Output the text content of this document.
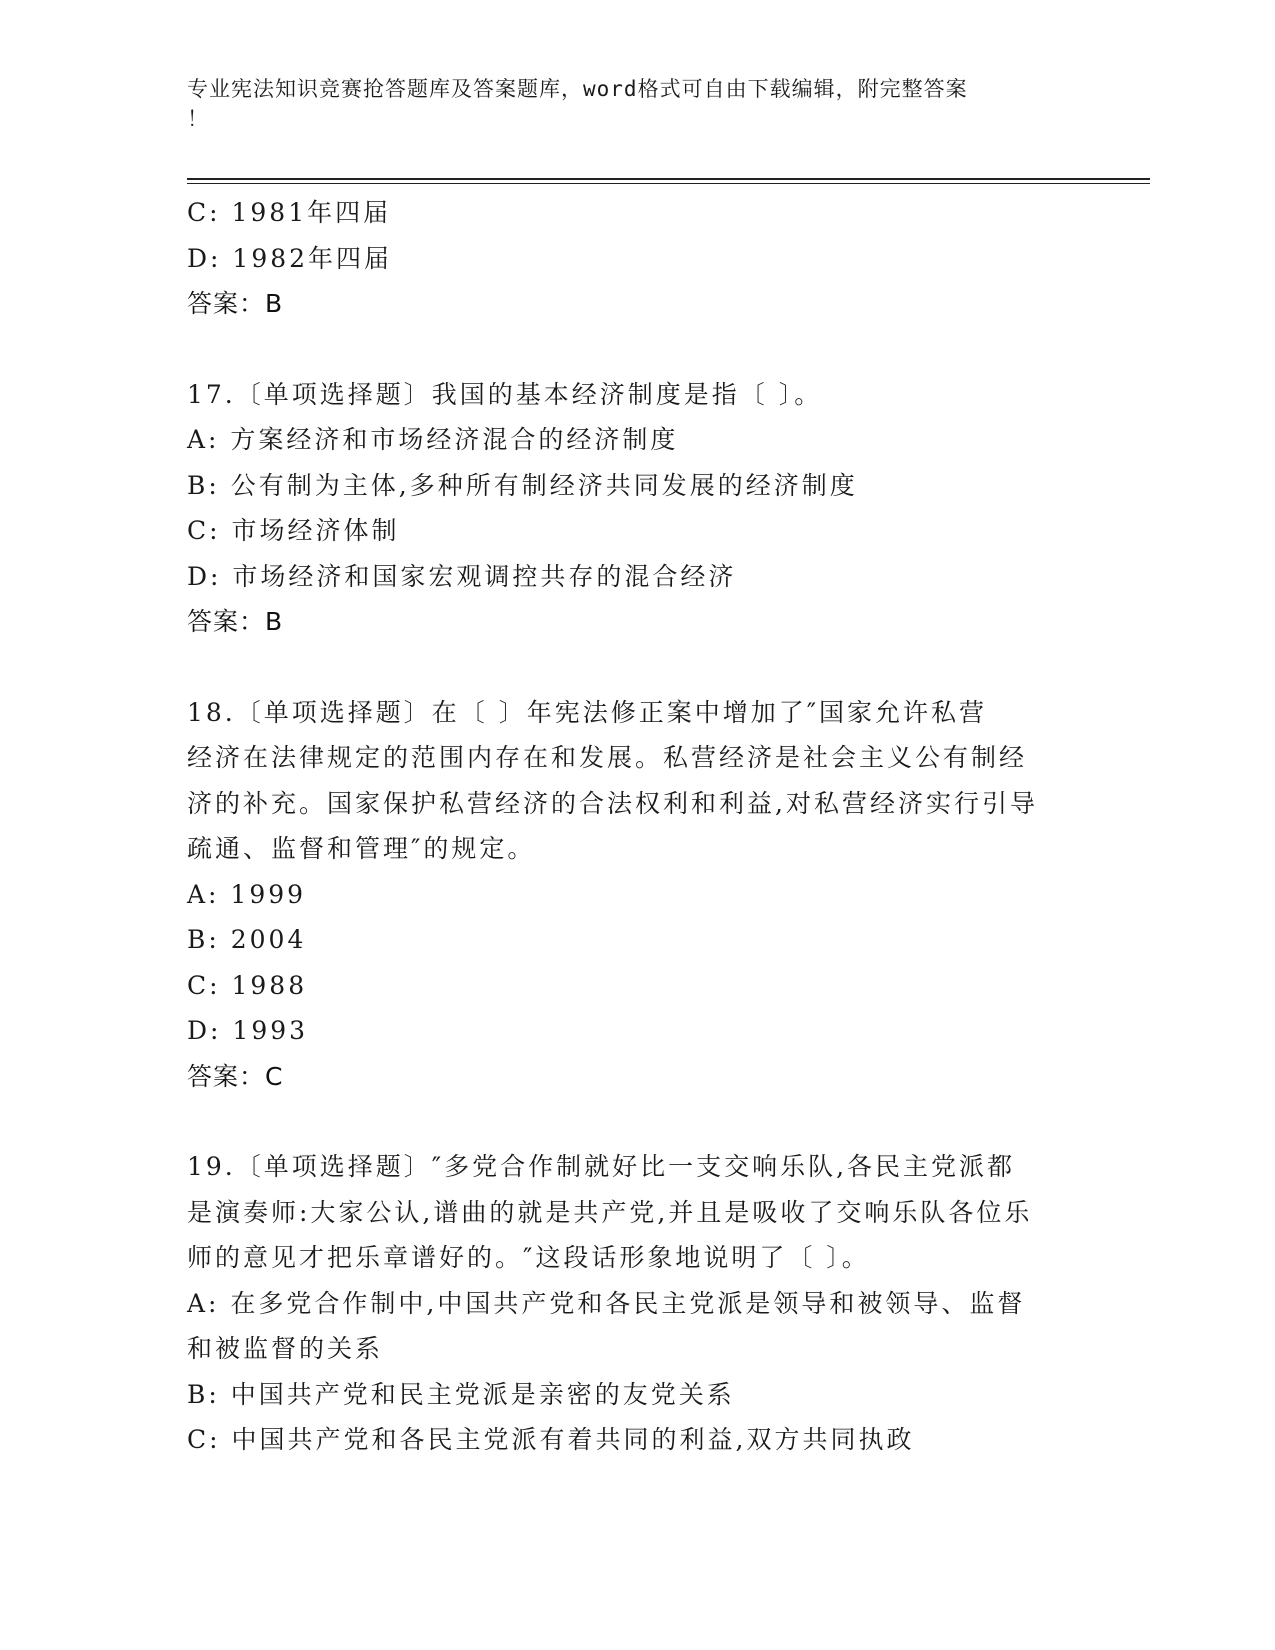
专业宪法知识竞赛抢答题库及答案题库，word格式可自由下载编辑，附完整答案
！
C: 1981年四届
D: 1982年四届
答案：B
17.〔单项选择题〕我国的基本经济制度是指〔 〕。
A: 方案经济和市场经济混合的经济制度
B: 公有制为主体,多种所有制经济共同发展的经济制度
C: 市场经济体制
D: 市场经济和国家宏观调控共存的混合经济
答案：B
18.〔单项选择题〕在〔 〕年宪法修正案中增加了″国家允许私营
经济在法律规定的范围内存在和发展。私营经济是社会主义公有制经
济的补充。国家保护私营经济的合法权利和利益,对私营经济实行引导
疏通、监督和管理″的规定。
A: 1999
B: 2004
C: 1988
D: 1993
答案：C
19.〔单项选择题〕″多党合作制就好比一支交响乐队,各民主党派都
是演奏师:大家公认,谱曲的就是共产党,并且是吸收了交响乐队各位乐
师的意见才把乐章谱好的。″这段话形象地说明了〔 〕。
A: 在多党合作制中,中国共产党和各民主党派是领导和被领导、监督
和被监督的关系
B: 中国共产党和民主党派是亲密的友党关系
C: 中国共产党和各民主党派有着共同的利益,双方共同执政
